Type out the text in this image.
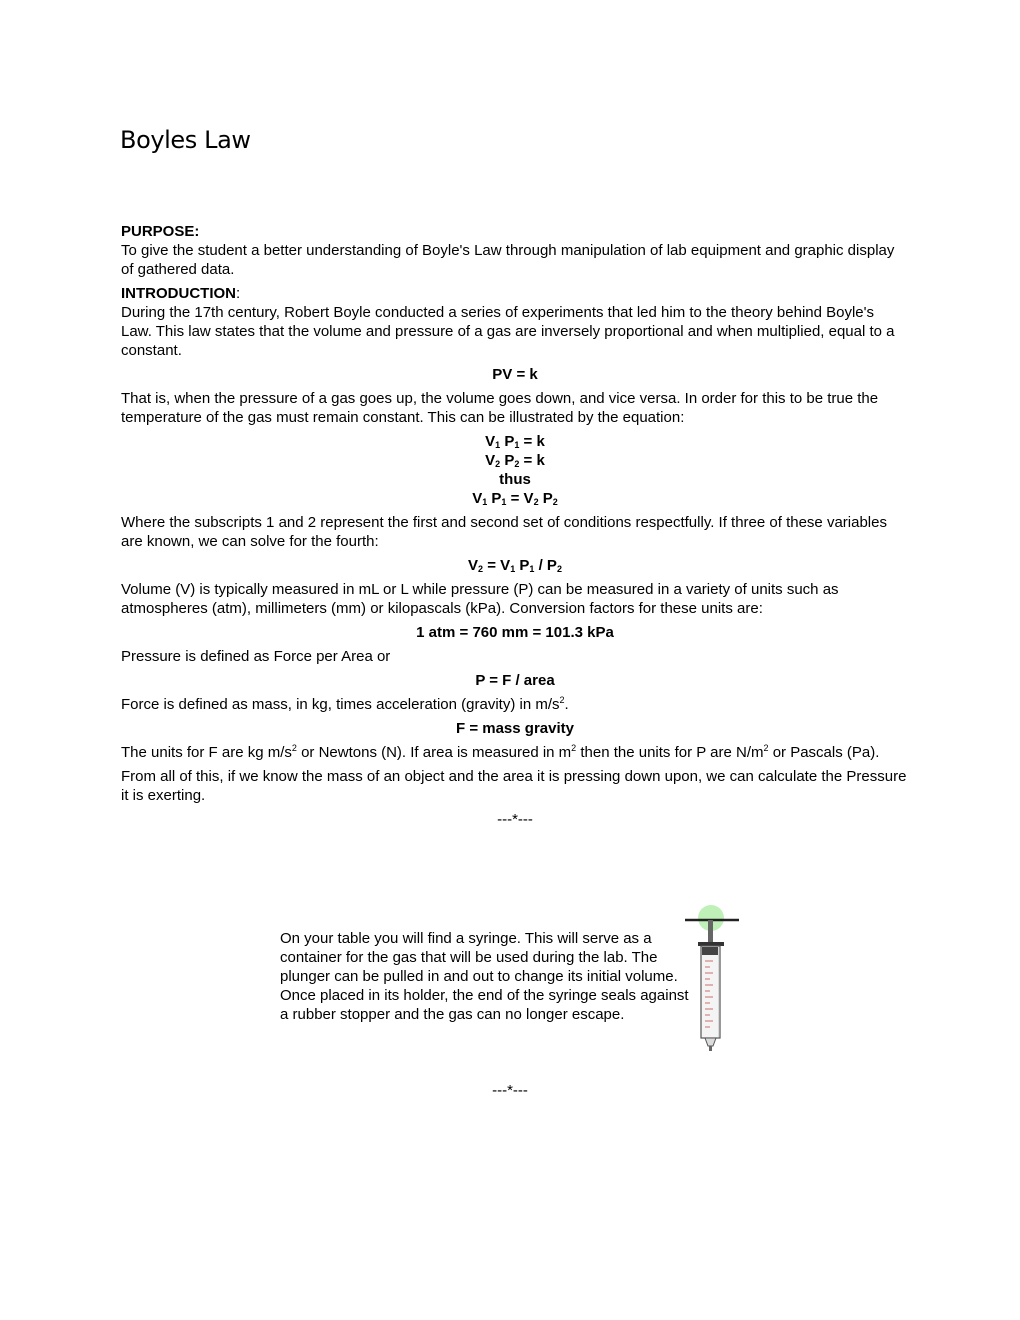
Boyles Law

PURPOSE:

To give the student a better understanding of Boyle's Law through manipulation of lab equipment and graphic display of gathered data.

INTRODUCTION:

During the 17th century, Robert Boyle conducted a series of experiments that led him to the theory behind Boyle's Law. This law states that the volume and pressure of a gas are inversely proportional and when multiplied, equal to a constant.

PV = k

That is, when the pressure of a gas goes up, the volume goes down, and vice versa. In order for this to be true the temperature of the gas must remain constant. This can be illustrated by the equation:

$V_1$ $P_1 = k$

$V_2$ $P_2 = k$

thus

$V_1$ $P_1 = V_2$ $P_2$

Where the subscripts 1 and 2 represent the first and second set of conditions respectfully. If three of these variables are known, we can solve for the fourth:

$V_2 = V_1$ $P_1 / P_2$

Volume (V) is typically measured in mL or L while pressure (P) can be measured in a variety of units such as atmospheres (atm), millimeters (mm) or kilopascals (kPa). Conversion factors for these units are:

1 atm = 760 mm = 101.3 kPa

Pressure is defined as Force per Area or

P = F / area

Force is defined as mass, in kg, times acceleration (gravity) in $m/s^2$.

F = mass gravity

The units for F are kg $m/s^2$ or Newtons (N). If area is measured in $m^2$ then the units for P are $N/m^2$ or Pascals (Pa).

From all of this, if we know the mass of an object and the area it is pressing down upon, we can calculate the Pressure it is exerting.

---*---

On your table you will find a syringe. This will serve as a container for the gas that will be used during the lab. The plunger can be pulled in and out to change its initial volume. Once placed in its holder, the end of the syringe seals against a rubber stopper and the gas can no longer escape.
---*---
